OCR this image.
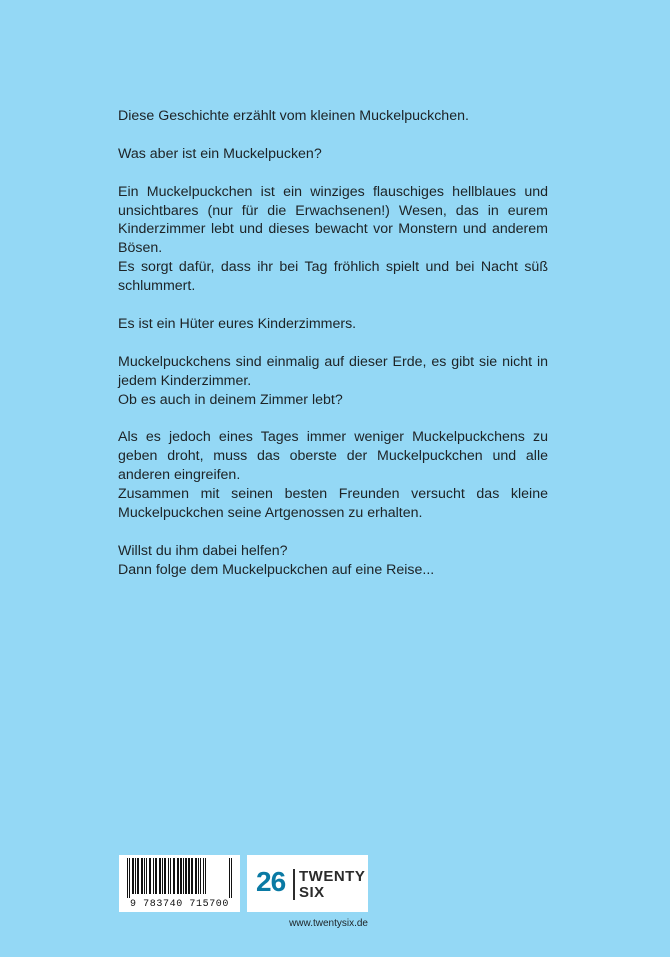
Diese Geschichte erzählt vom kleinen Muckelpuckchen.

Was aber ist ein Muckelpucken?

Ein Muckelpuckchen ist ein winziges flauschiges hellblaues und unsichtbares (nur für die Erwachsenen!) Wesen, das in eurem Kinderzimmer lebt und dieses bewacht vor Monstern und anderem Bösen.
Es sorgt dafür, dass ihr bei Tag fröhlich spielt und bei Nacht süß schlummert.

Es ist ein Hüter eures Kinderzimmers.

Muckelpuckchens sind einmalig auf dieser Erde, es gibt sie nicht in jedem Kinderzimmer.
Ob es auch in deinem Zimmer lebt?

Als es jedoch eines Tages immer weniger Muckelpuckchens zu geben droht, muss das oberste der Muckelpuckchen und alle anderen eingreifen.
Zusammen mit seinen besten Freunden versucht das kleine Muckelpuckchen seine Artgenossen zu erhalten.

Willst du ihm dabei helfen?
Dann folge dem Muckelpuckchen auf eine Reise...

9 783740 715700
26 TWENTY
SIX
www.twentysix.de
